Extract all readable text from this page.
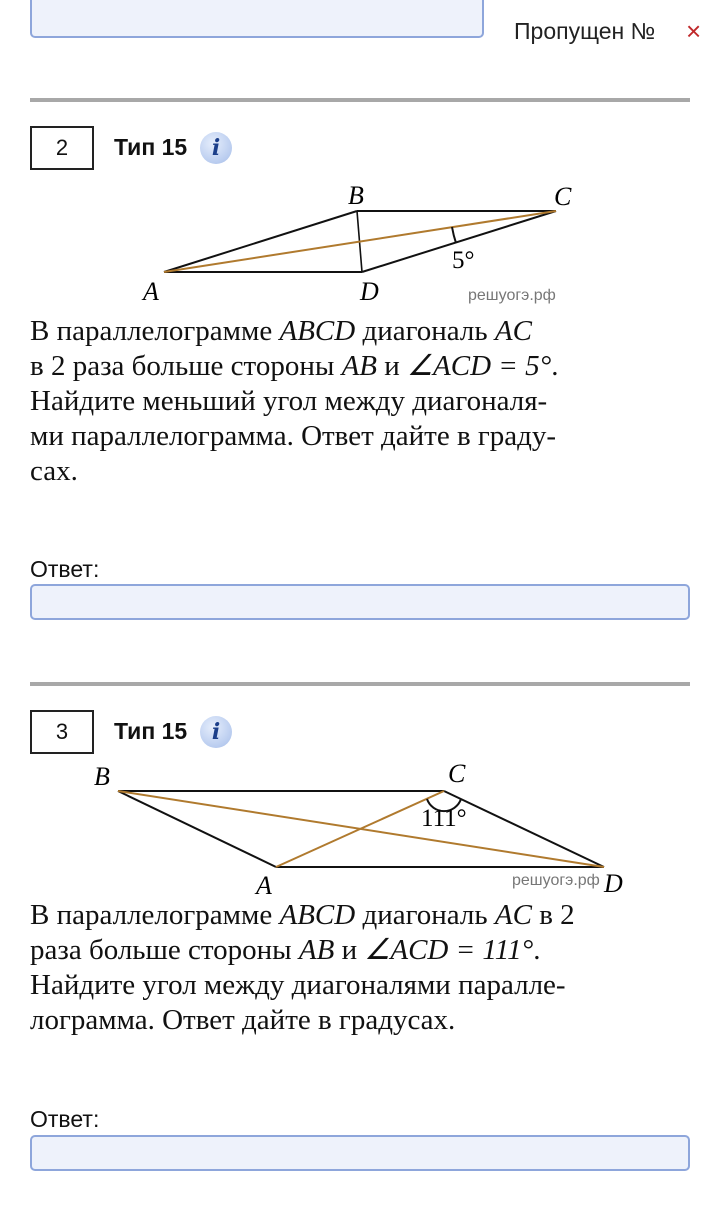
Пропущен № ×
2	Тип 15	i
A
B	C
D
5°
решуогэ.рф
В параллелограмме ABCD диагональ AC
в 2 раза больше стороны AB и ∠ACD = 5°.
Найдите меньший угол между диагоналя-
ми параллелограмма. Ответ дайте в граду-
сах.
Ответ:
3	Тип 15	i
B	C
A	D
111°
решуогэ.рф
В параллелограмме ABCD диагональ AC в 2
раза больше стороны AB и ∠ACD = 111°.
Найдите угол между диагоналями паралле-
лограмма. Ответ дайте в градусах.
Ответ:
